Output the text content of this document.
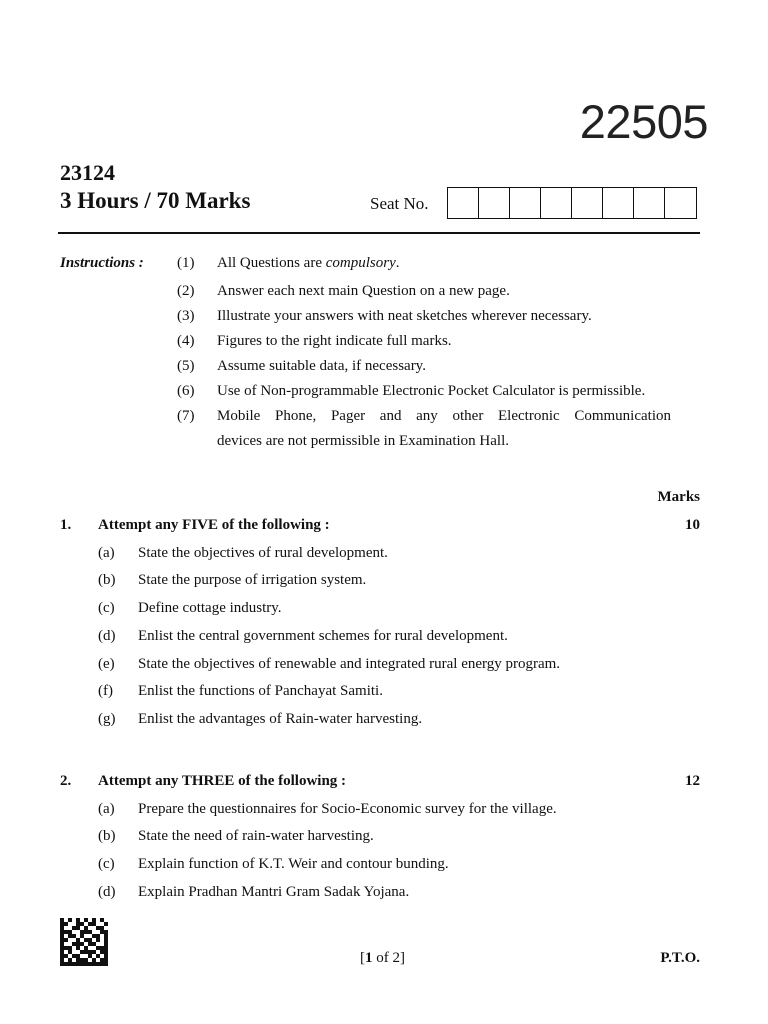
22505
23124
3 Hours / 70 Marks	Seat No.
Instructions : (1)	All Questions are compulsory.
(2)	Answer each next main Question on a new page.
(3)	Illustrate your answers with neat sketches wherever necessary.
(4)	Figures to the right indicate full marks.
(5)	Assume suitable data, if necessary.
(6)	Use of Non-programmable Electronic Pocket Calculator is permissible.
(7)	Mobile Phone, Pager and any other Electronic Communication
devices are not permissible in Examination Hall.
Marks
1. Attempt any FIVE of the following :	10
(a) State the objectives of rural development.
(b) State the purpose of irrigation system.
(c) Define cottage industry.
(d) Enlist the central government schemes for rural development.
(e) State the objectives of renewable and integrated rural energy program.
(f) Enlist the functions of Panchayat Samiti.
(g) Enlist the advantages of Rain-water harvesting.
2. Attempt any THREE of the following :	12
(a) Prepare the questionnaires for Socio-Economic survey for the village.
(b) State the need of rain-water harvesting.
(c) Explain function of K.T. Weir and contour bunding.
(d) Explain Pradhan Mantri Gram Sadak Yojana.
[1 of 2]	P.T.O.
